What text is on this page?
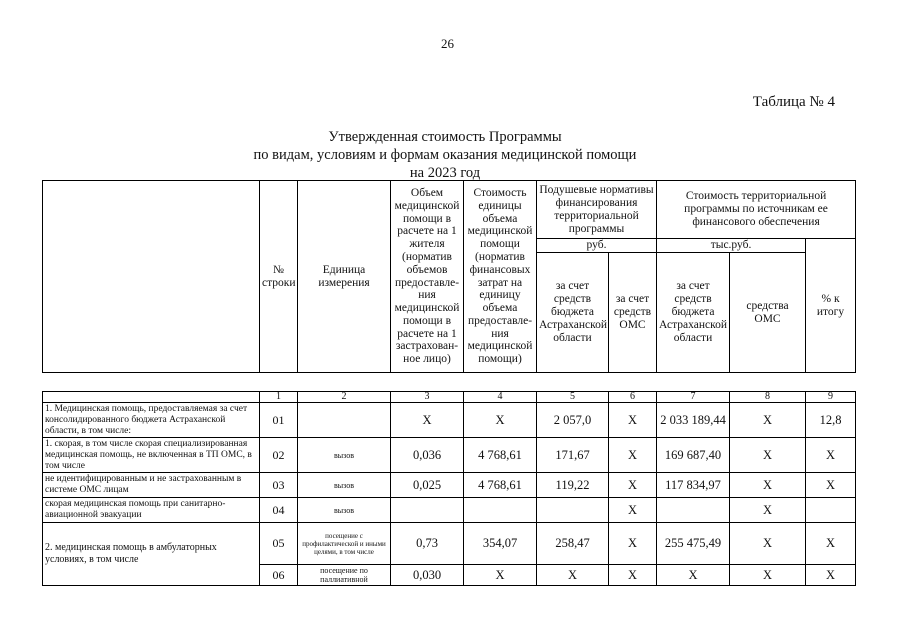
26
Таблица № 4
Утвержденная стоимость Программы
по видам, условиям и формам оказания медицинской помощи
на 2023 год
	№ строки	Единица измерения	Объем медицинской помощи в расчете на 1 жителя (норматив объемов предоставле-ния медицинской помощи в расчете на 1 застрахован-ное лицо)	Стоимость единицы объема медицинской помощи (норматив финансовых затрат на единицу объема предоставле-ния медицинской помощи)	Подушевые нормативы финансирования территориальной программы		Стоимость территориальной программы по источникам ее финансового обеспечения		
					руб.		тыс.руб.		% к итогу
					за счет средств бюджета Астраханской области	за счет средств ОМС	за счет средств бюджета Астраханской области	средства ОМС	
	1	2	3	4	5	6	7	8	9
1. Медицинская помощь, предоставляемая за счет консолидированного бюджета Астраханской области, в том числе:	01		X	X	2 057,0	X	2 033 189,44	X	12,8
1. скорая, в том числе скорая специализированная медицинская помощь, не включенная в ТП ОМС, в том числе	02	вызов	0,036	4 768,61	171,67	X	169 687,40	X	X
не идентифицированным и не застрахованным в системе ОМС лицам	03	вызов	0,025	4 768,61	119,22	X	117 834,97	X	X
скорая медицинская помощь при санитарно-авиационной эвакуации	04	вызов				X		X	
2. медицинская помощь в амбулаторных условиях, в том числе	05	посещение с профилактической и иными целями, в том числе	0,73	354,07	258,47	X	255 475,49	X	X
	06	посещение по паллиативной	0,030	X	X	X	X	X	X
